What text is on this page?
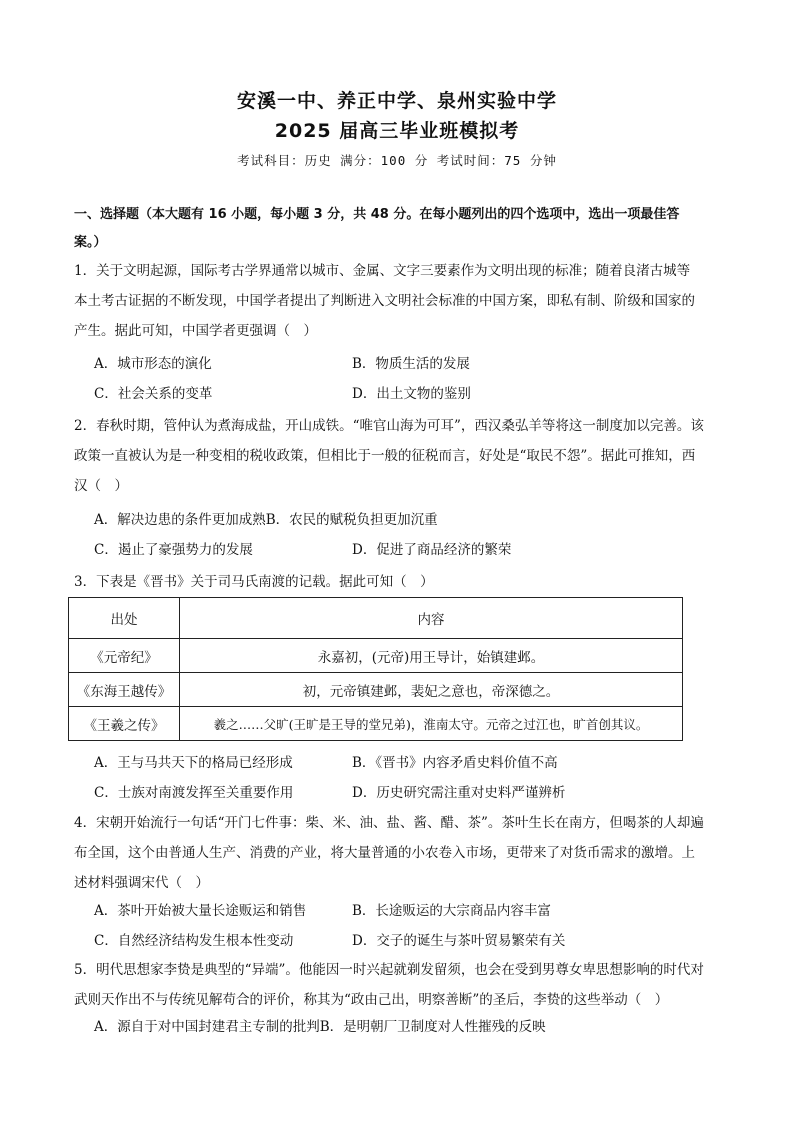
安溪一中、养正中学、泉州实验中学
2025 届高三毕业班模拟考
考试科目：历史 满分：100 分 考试时间：75 分钟
一、选择题（本大题有 16 小题，每小题 3 分，共 48 分。在每小题列出的四个选项中，选出一项最佳答
案。）
1．关于文明起源，国际考古学界通常以城市、金属、文字三要素作为文明出现的标准；随着良渚古城等
本土考古证据的不断发现，中国学者提出了判断进入文明社会标准的中国方案，即私有制、阶级和国家的
产生。据此可知，中国学者更强调（　）
A．城市形态的演化	B．物质生活的发展
C．社会关系的变革	D．出土文物的鉴别
2．春秋时期，管仲认为煮海成盐，开山成铁。“唯官山海为可耳”，西汉桑弘羊等将这一制度加以完善。该
政策一直被认为是一种变相的税收政策，但相比于一般的征税而言，好处是“取民不怨”。据此可推知，西
汉（　）
A．解决边患的条件更加成熟B．农民的赋税负担更加沉重
C．遏止了豪强势力的发展	D．促进了商品经济的繁荣
3．下表是《晋书》关于司马氏南渡的记载。据此可知（　）
出处	内容
《元帝纪》	永嘉初，(元帝)用王导计，始镇建邺。
《东海王越传》	初，元帝镇建邺，裴妃之意也，帝深德之。
《王羲之传》	羲之……父旷(王旷是王导的堂兄弟)，淮南太守。元帝之过江也，旷首创其议。
A．王与马共天下的格局已经形成	B．《晋书》内容矛盾史料价值不高
C．士族对南渡发挥至关重要作用	D．历史研究需注重对史料严谨辨析
4．宋朝开始流行一句话“开门七件事：柴、米、油、盐、酱、醋、茶”。茶叶生长在南方，但喝茶的人却遍
布全国，这个由普通人生产、消费的产业，将大量普通的小农卷入市场，更带来了对货币需求的激增。上
述材料强调宋代（　）
A．茶叶开始被大量长途贩运和销售	B．长途贩运的大宗商品内容丰富
C．自然经济结构发生根本性变动	D．交子的诞生与茶叶贸易繁荣有关
5．明代思想家李贽是典型的“异端”。他能因一时兴起就剃发留须，也会在受到男尊女卑思想影响的时代对
武则天作出不与传统见解苟合的评价，称其为“政由己出，明察善断”的圣后，李贽的这些举动（　）
A．源自于对中国封建君主专制的批判B．是明朝厂卫制度对人性摧残的反映
